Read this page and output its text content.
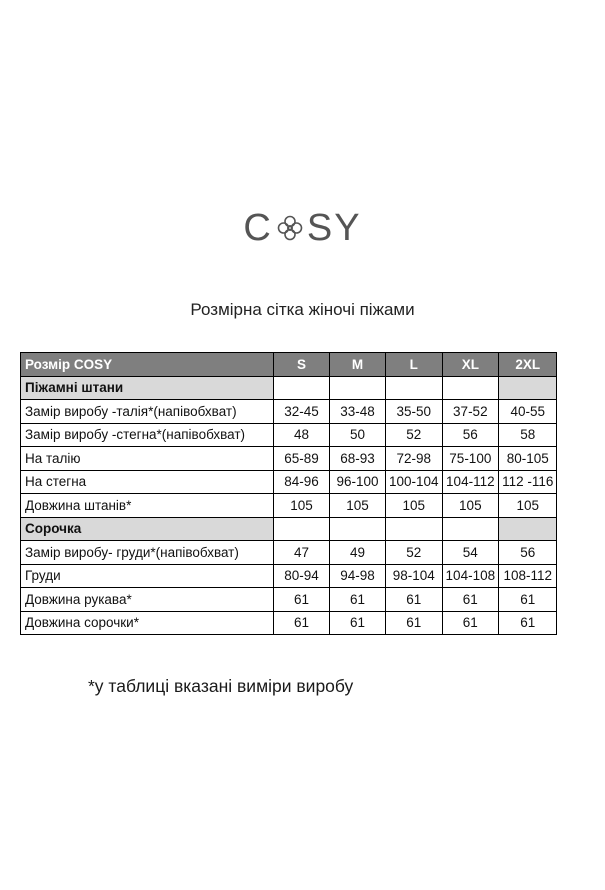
C SY
Розмірна сітка жіночі піжами
Розмір COSY	S	M	L	XL	2XL
Піжамні штани					
Замір виробу -талія*(напівобхват)	32-45	33-48	35-50	37-52	40-55
Замір виробу -стегна*(напівобхват)	48	50	52	56	58
На талію	65-89	68-93	72-98	75-100	80-105
На стегна	84-96	96-100	100-104	104-112	112 -116
Довжина штанів*	105	105	105	105	105
Сорочка					
Замір виробу- груди*(напівобхват)	47	49	52	54	56
Груди	80-94	94-98	98-104	104-108	108-112
Довжина рукава*	61	61	61	61	61
Довжина сорочки*	61	61	61	61	61
*у таблиці вказані виміри виробу
